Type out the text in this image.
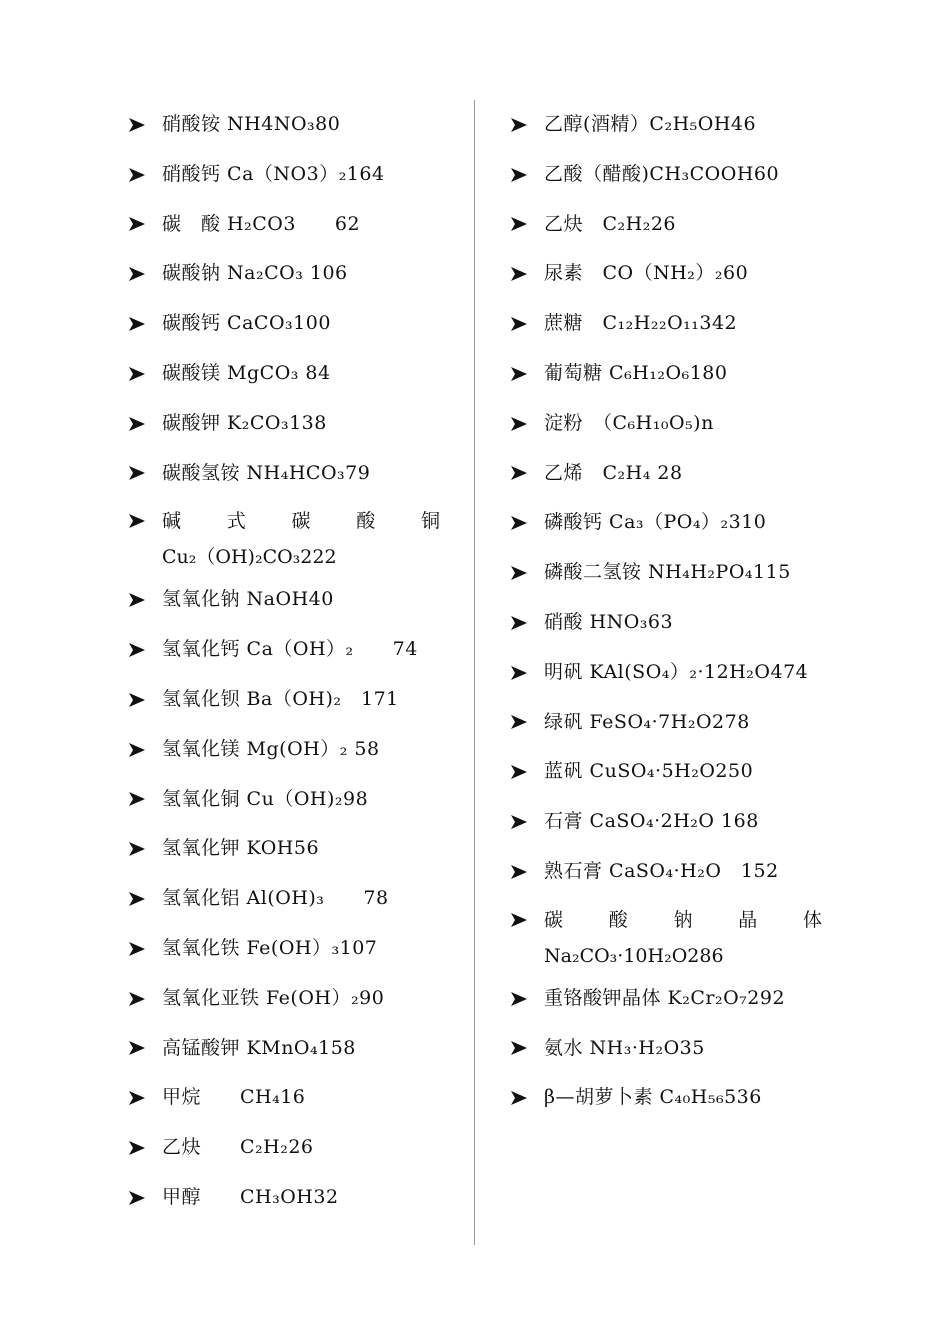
硝酸铵 NH4NO₃80
硝酸钙 Ca（NO3）₂164
碳　酸 H₂CO3　　62
碳酸钠 Na₂CO₃ 106
碳酸钙 CaCO₃100
碳酸镁 MgCO₃ 84
碳酸钾 K₂CO₃138
碳酸氢铵 NH₄HCO₃79
碱 式 碳 酸 铜
Cu₂（OH)₂CO₃222
氢氧化钠 NaOH40
氢氧化钙 Ca（OH）₂　　74
氢氧化钡 Ba（OH)₂　171
氢氧化镁 Mg(OH）₂ 58
氢氧化铜 Cu（OH)₂98
氢氧化钾 KOH56
氢氧化铝 Al(OH)₃　　78
氢氧化铁 Fe(OH）₃107
氢氧化亚铁 Fe(OH）₂90
高锰酸钾 KMnO₄158
甲烷　　CH₄16
乙炔　　C₂H₂26
甲醇　　CH₃OH32
乙醇(酒精）C₂H₅OH46
乙酸（醋酸)CH₃COOH60
乙炔　C₂H₂26
尿素　CO（NH₂）₂60
蔗糖　C₁₂H₂₂O₁₁342
葡萄糖 C₆H₁₂O₆180
淀粉　（C₆H₁₀O₅)n
乙烯　C₂H₄ 28
磷酸钙 Ca₃（PO₄）₂310
磷酸二氢铵 NH₄H₂PO₄115
硝酸 HNO₃63
明矾 KAl(SO₄）₂·12H₂O474
绿矾 FeSO₄·7H₂O278
蓝矾 CuSO₄·5H₂O250
石膏 CaSO₄·2H₂O 168
熟石膏 CaSO₄·H₂O　152
碳 酸 钠 晶 体
Na₂CO₃·10H₂O286
重铬酸钾晶体 K₂Cr₂O₇292
氨水 NH₃·H₂O35
β—胡萝卜素 C₄₀H₅₆536
